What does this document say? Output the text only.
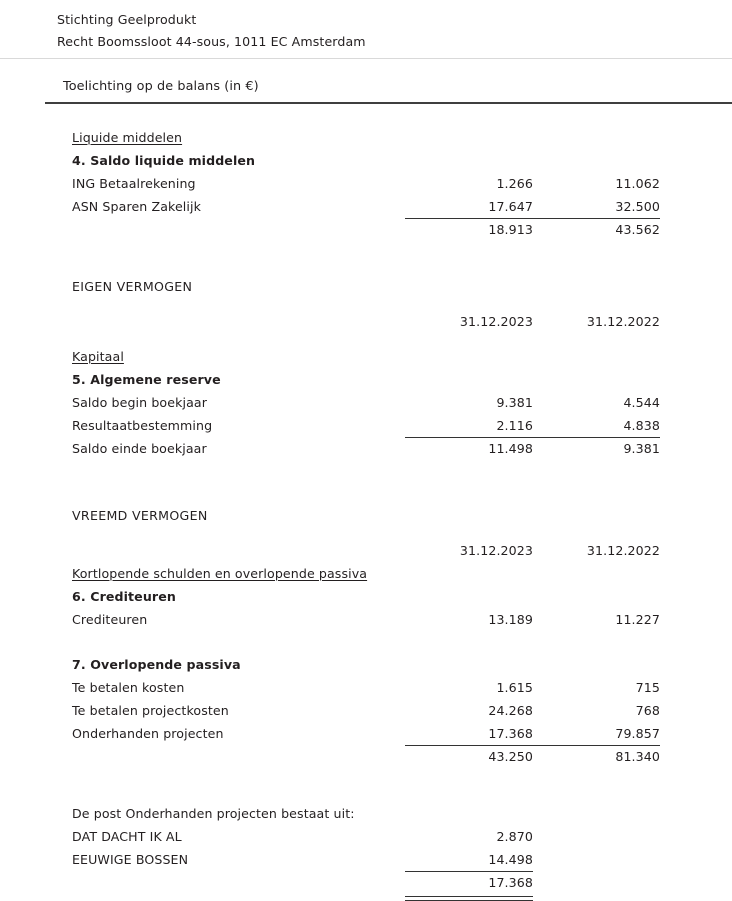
Stichting Geelprodukt
Recht Boomssloot 44-sous, 1011 EC Amsterdam
Toelichting op de balans (in €)
Liquide middelen			
4. Saldo liquide middelen			
ING Betaalrekening	1.266		11.062
ASN Sparen Zakelijk	17.647		32.500
	18.913		43.562

EIGEN VERMOGEN			

	31.12.2023		31.12.2022

Kapitaal			
5. Algemene reserve			
Saldo begin boekjaar	9.381		4.544
Resultaatbestemming	2.116		4.838
Saldo einde boekjaar	11.498		9.381

VREEMD VERMOGEN			

	31.12.2023		31.12.2022
Kortlopende schulden en overlopende passiva			
6. Crediteuren			
Crediteuren	13.189		11.227

7. Overlopende passiva			
Te betalen kosten	1.615		715
Te betalen projectkosten	24.268		768
Onderhanden projecten	17.368		79.857
	43.250		81.340

De post Onderhanden projecten bestaat uit:			
DAT DACHT IK AL	2.870		
EEUWIGE BOSSEN	14.498		
	17.368		
